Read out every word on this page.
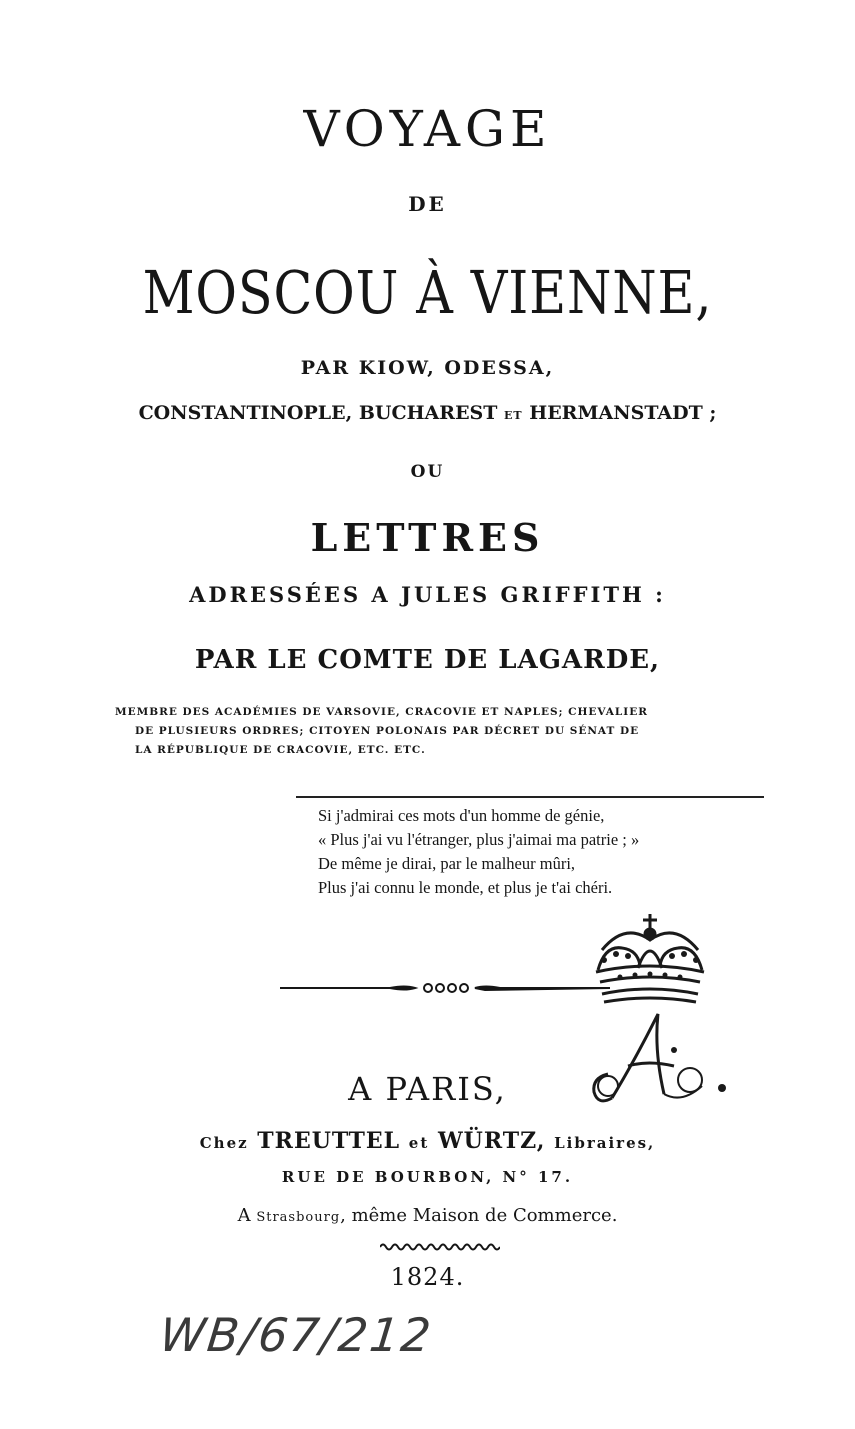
VOYAGE
DE
MOSCOU À VIENNE,
PAR KIOW, ODESSA,
CONSTANTINOPLE, BUCHAREST ET HERMANSTADT ;
OU
LETTRES
ADRESSÉES A JULES GRIFFITH :
PAR LE COMTE DE LAGARDE,
MEMBRE DES ACADÉMIES DE VARSOVIE, CRACOVIE ET NAPLES; CHEVALIER
DE PLUSIEURS ORDRES; CITOYEN POLONAIS PAR DÉCRET DU SÉNAT DE
LA RÉPUBLIQUE DE CRACOVIE, ETC. ETC.
Si j'admirai ces mots d'un homme de génie,
« Plus j'ai vu l'étranger, plus j'aimai ma patrie ; »
De même je dirai, par le malheur mûri,
Plus j'ai connu le monde, et plus je t'ai chéri.
A
A PARIS,
Chez TREUTTEL et WÜRTZ, Libraires,
RUE DE BOURBON, N° 17.
A Strasbourg, même Maison de Commerce.
1824.
WB/67/212
